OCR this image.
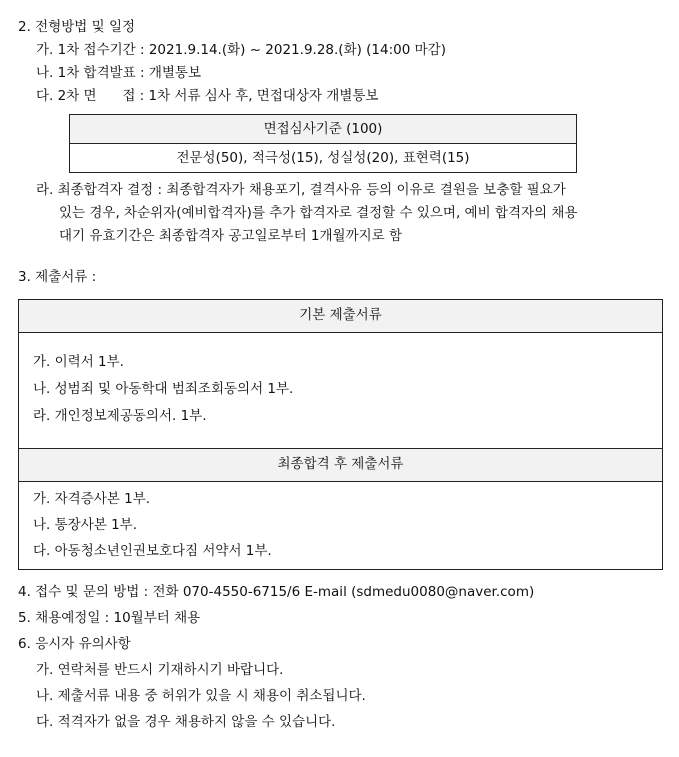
2. 전형방법 및 일정
가. 1차 접수기간 : 2021.9.14.(화) ~ 2021.9.28.(화) (14:00 마감)
나. 1차 합격발표 : 개별통보
다. 2차 면      접 : 1차 서류 심사 후, 면접대상자 개별통보
면접심사기준 (100)
전문성(50), 적극성(15), 성실성(20), 표현력(15)
라. 최종합격자 결정 : 최종합격자가 채용포기, 결격사유 등의 이유로 결원을 보충할 필요가
있는 경우, 차순위자(예비합격자)를 추가 합격자로 결정할 수 있으며, 예비 합격자의 채용
대기 유효기간은 최종합격자 공고일로부터 1개월까지로 함
3. 제출서류 :
기본 제출서류
가. 이력서 1부.
나. 성범죄 및 아동학대 범죄조회동의서 1부.
라. 개인정보제공동의서. 1부.
최종합격 후 제출서류
가. 자격증사본 1부.
나. 통장사본 1부.
다. 아동청소년인권보호다짐 서약서 1부.
4. 접수 및 문의 방법 : 전화 070-4550-6715/6 E-mail (sdmedu0080@naver.com)
5. 채용예정일 : 10월부터 채용
6. 응시자 유의사항
가. 연락처를 반드시 기재하시기 바랍니다.
나. 제출서류 내용 중 허위가 있을 시 채용이 취소됩니다.
다. 적격자가 없을 경우 채용하지 않을 수 있습니다.
